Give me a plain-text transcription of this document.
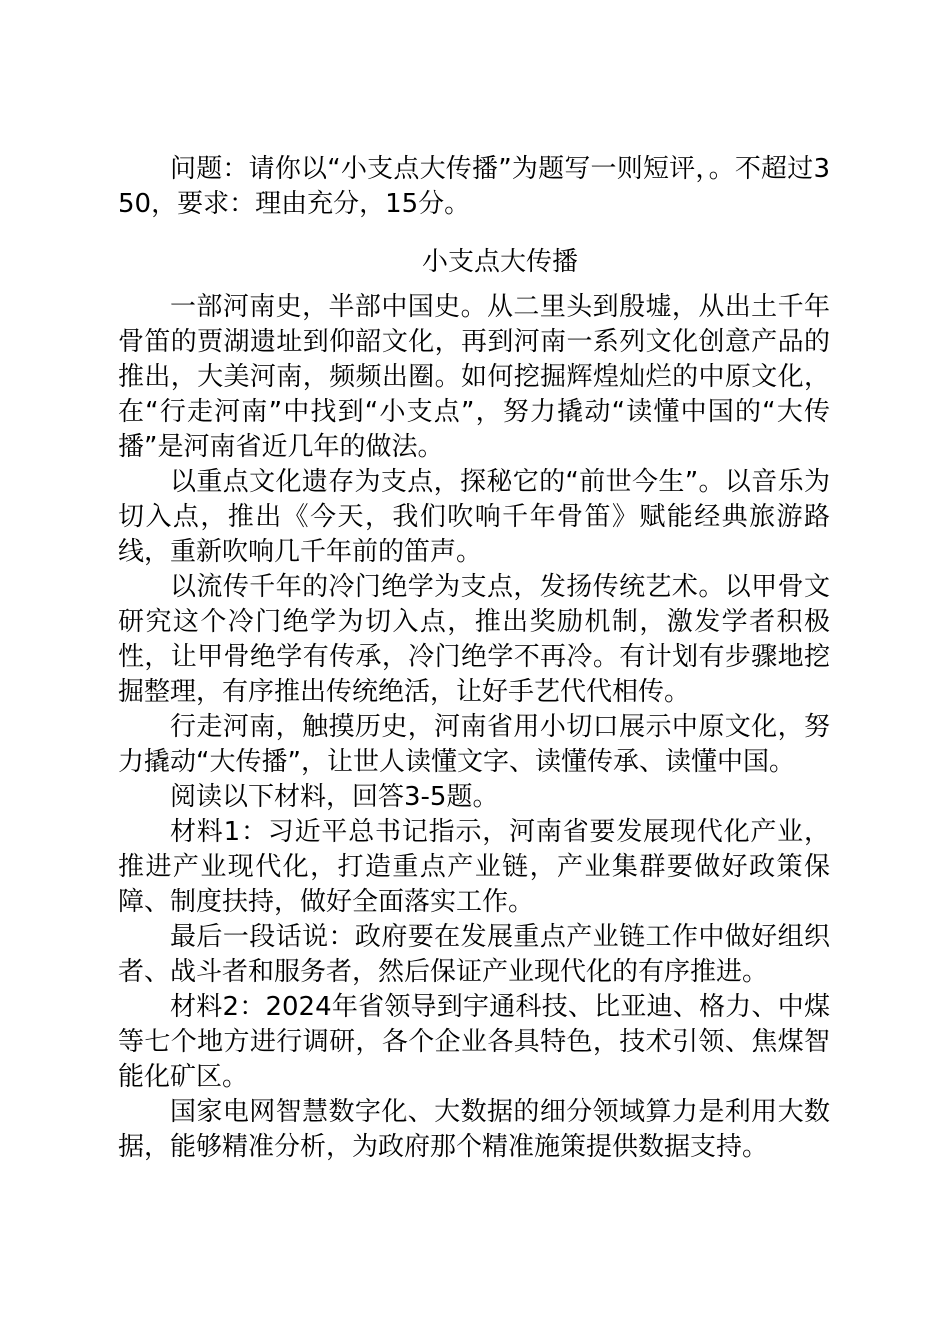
问题：请你以“小支点大传播”为题写一则短评，。不超过350，要求：理由充分，15分。

小支点大传播

一部河南史，半部中国史。从二里头到殷墟，从出土千年骨笛的贾湖遗址到仰韶文化，再到河南一系列文化创意产品的推出，大美河南，频频出圈。如何挖掘辉煌灿烂的中原文化，在“行走河南”中找到“小支点”，努力撬动“读懂中国的“大传播”是河南省近几年的做法。

以重点文化遗存为支点，探秘它的“前世今生”。以音乐为切入点，推出《今天，我们吹响千年骨笛》赋能经典旅游路线，重新吹响几千年前的笛声。

以流传千年的冷门绝学为支点，发扬传统艺术。以甲骨文研究这个冷门绝学为切入点，推出奖励机制，激发学者积极性，让甲骨绝学有传承，冷门绝学不再冷。有计划有步骤地挖掘整理，有序推出传统绝活，让好手艺代代相传。

行走河南，触摸历史，河南省用小切口展示中原文化，努力撬动“大传播”，让世人读懂文字、读懂传承、读懂中国。

阅读以下材料，回答3-5题。

材料1：习近平总书记指示，河南省要发展现代化产业，推进产业现代化，打造重点产业链，产业集群要做好政策保障、制度扶持，做好全面落实工作。

最后一段话说：政府要在发展重点产业链工作中做好组织者、战斗者和服务者，然后保证产业现代化的有序推进。

材料2：2024年省领导到宇通科技、比亚迪、格力、中煤等七个地方进行调研，各个企业各具特色，技术引领、焦煤智能化矿区。

国家电网智慧数字化、大数据的细分领域算力是利用大数据，能够精准分析，为政府那个精准施策提供数据支持。
